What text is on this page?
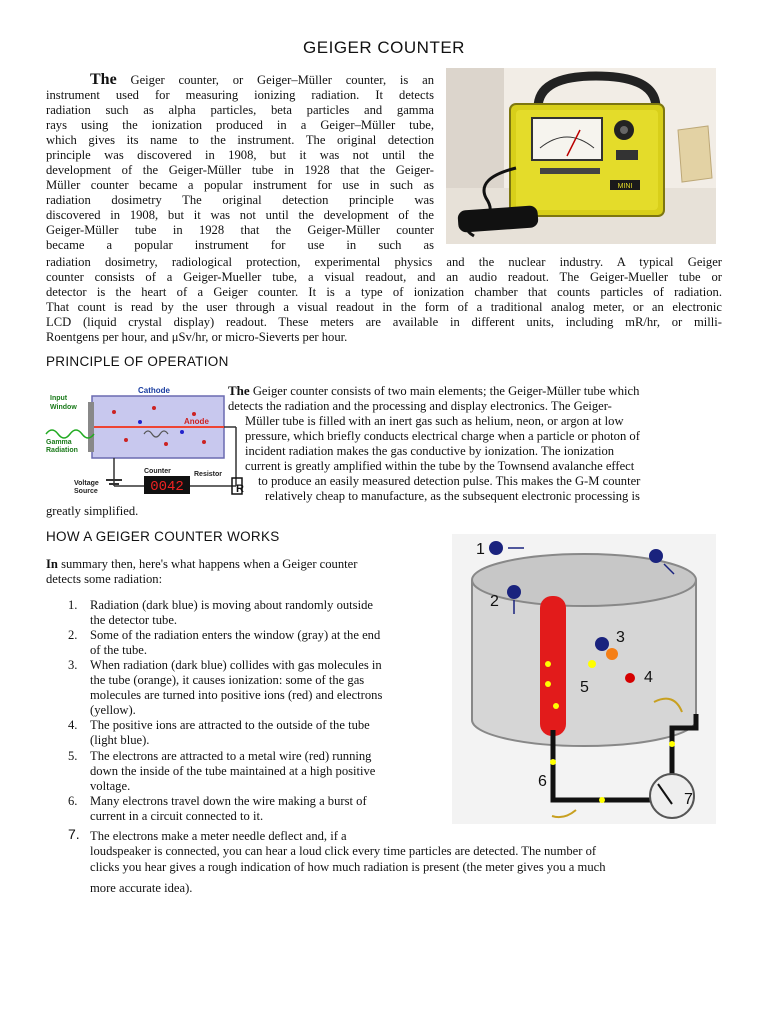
GEIGER COUNTER
The Geiger counter, or Geiger–Müller counter, is an
instrument used for measuring ionizing radiation. It detects
radiation such as alpha particles, beta particles and gamma
rays using the ionization produced in a Geiger–Müller tube,
which gives its name to the instrument. The original detection
principle was discovered in 1908, but it was not until the
development of the Geiger-Müller tube in 1928 that the Geiger-
Müller counter became a popular instrument for use in such as
radiation dosimetry The original detection principle was
discovered in 1908, but it was not until the development of the
Geiger-Müller tube in 1928 that the Geiger-Müller counter
became a popular instrument for use in such as
radiation dosimetry, radiological protection, experimental physics and the nuclear industry. A typical Geiger
counter consists of a Geiger-Mueller tube, a visual readout, and an audio readout. The Geiger-Mueller tube or
detector is the heart of a Geiger counter. It is a type of ionization chamber that counts particles of radiation.
That count is read by the user through a visual readout in the form of a traditional analog meter, or an electronic
LCD (liquid crystal display) readout. These meters are available in different units, including mR/hr, or milli-
Roentgens per hour, and μSv/hr, or micro-Sieverts per hour.
MINI
PRINCIPLE OF OPERATION
0042
Cathode
Input
Window
Anode
Gamma
Radiation
Counter	Resistor
Voltage
Source	R
The Geiger counter consists of two main elements; the Geiger-Müller tube which
detects the radiation and the processing and display electronics. The Geiger-
Müller tube is filled with an inert gas such as helium, neon, or argon at low
pressure, which briefly conducts electrical charge when a particle or photon of
incident radiation makes the gas conductive by ionization. The ionization
current is greatly amplified within the tube by the Townsend avalanche effect
to produce an easily measured detection pulse. This makes the G-M counter
relatively cheap to manufacture, as the subsequent electronic processing is
greatly simplified.
HOW A GEIGER COUNTER WORKS
In summary then, here's what happens when a Geiger counter
detects some radiation:
1. Radiation (dark blue) is moving about randomly outside
the detector tube.
2. Some of the radiation enters the window (gray) at the end
of the tube.
3. When radiation (dark blue) collides with gas molecules in
the tube (orange), it causes ionization: some of the gas
molecules are turned into positive ions (red) and electrons
(yellow).
4. The positive ions are attracted to the outside of the tube
(light blue).
5. The electrons are attracted to a metal wire (red) running
down the inside of the tube maintained at a high positive
voltage.
6. Many electrons travel down the wire making a burst of
current in a circuit connected to it.
7. The electrons make a meter needle deflect and, if a
loudspeaker is connected, you can hear a loud click every time particles are detected. The number of
clicks you hear gives a rough indication of how much radiation is present (the meter gives you a much
more accurate idea).
1
2
3
4
5
6
7
